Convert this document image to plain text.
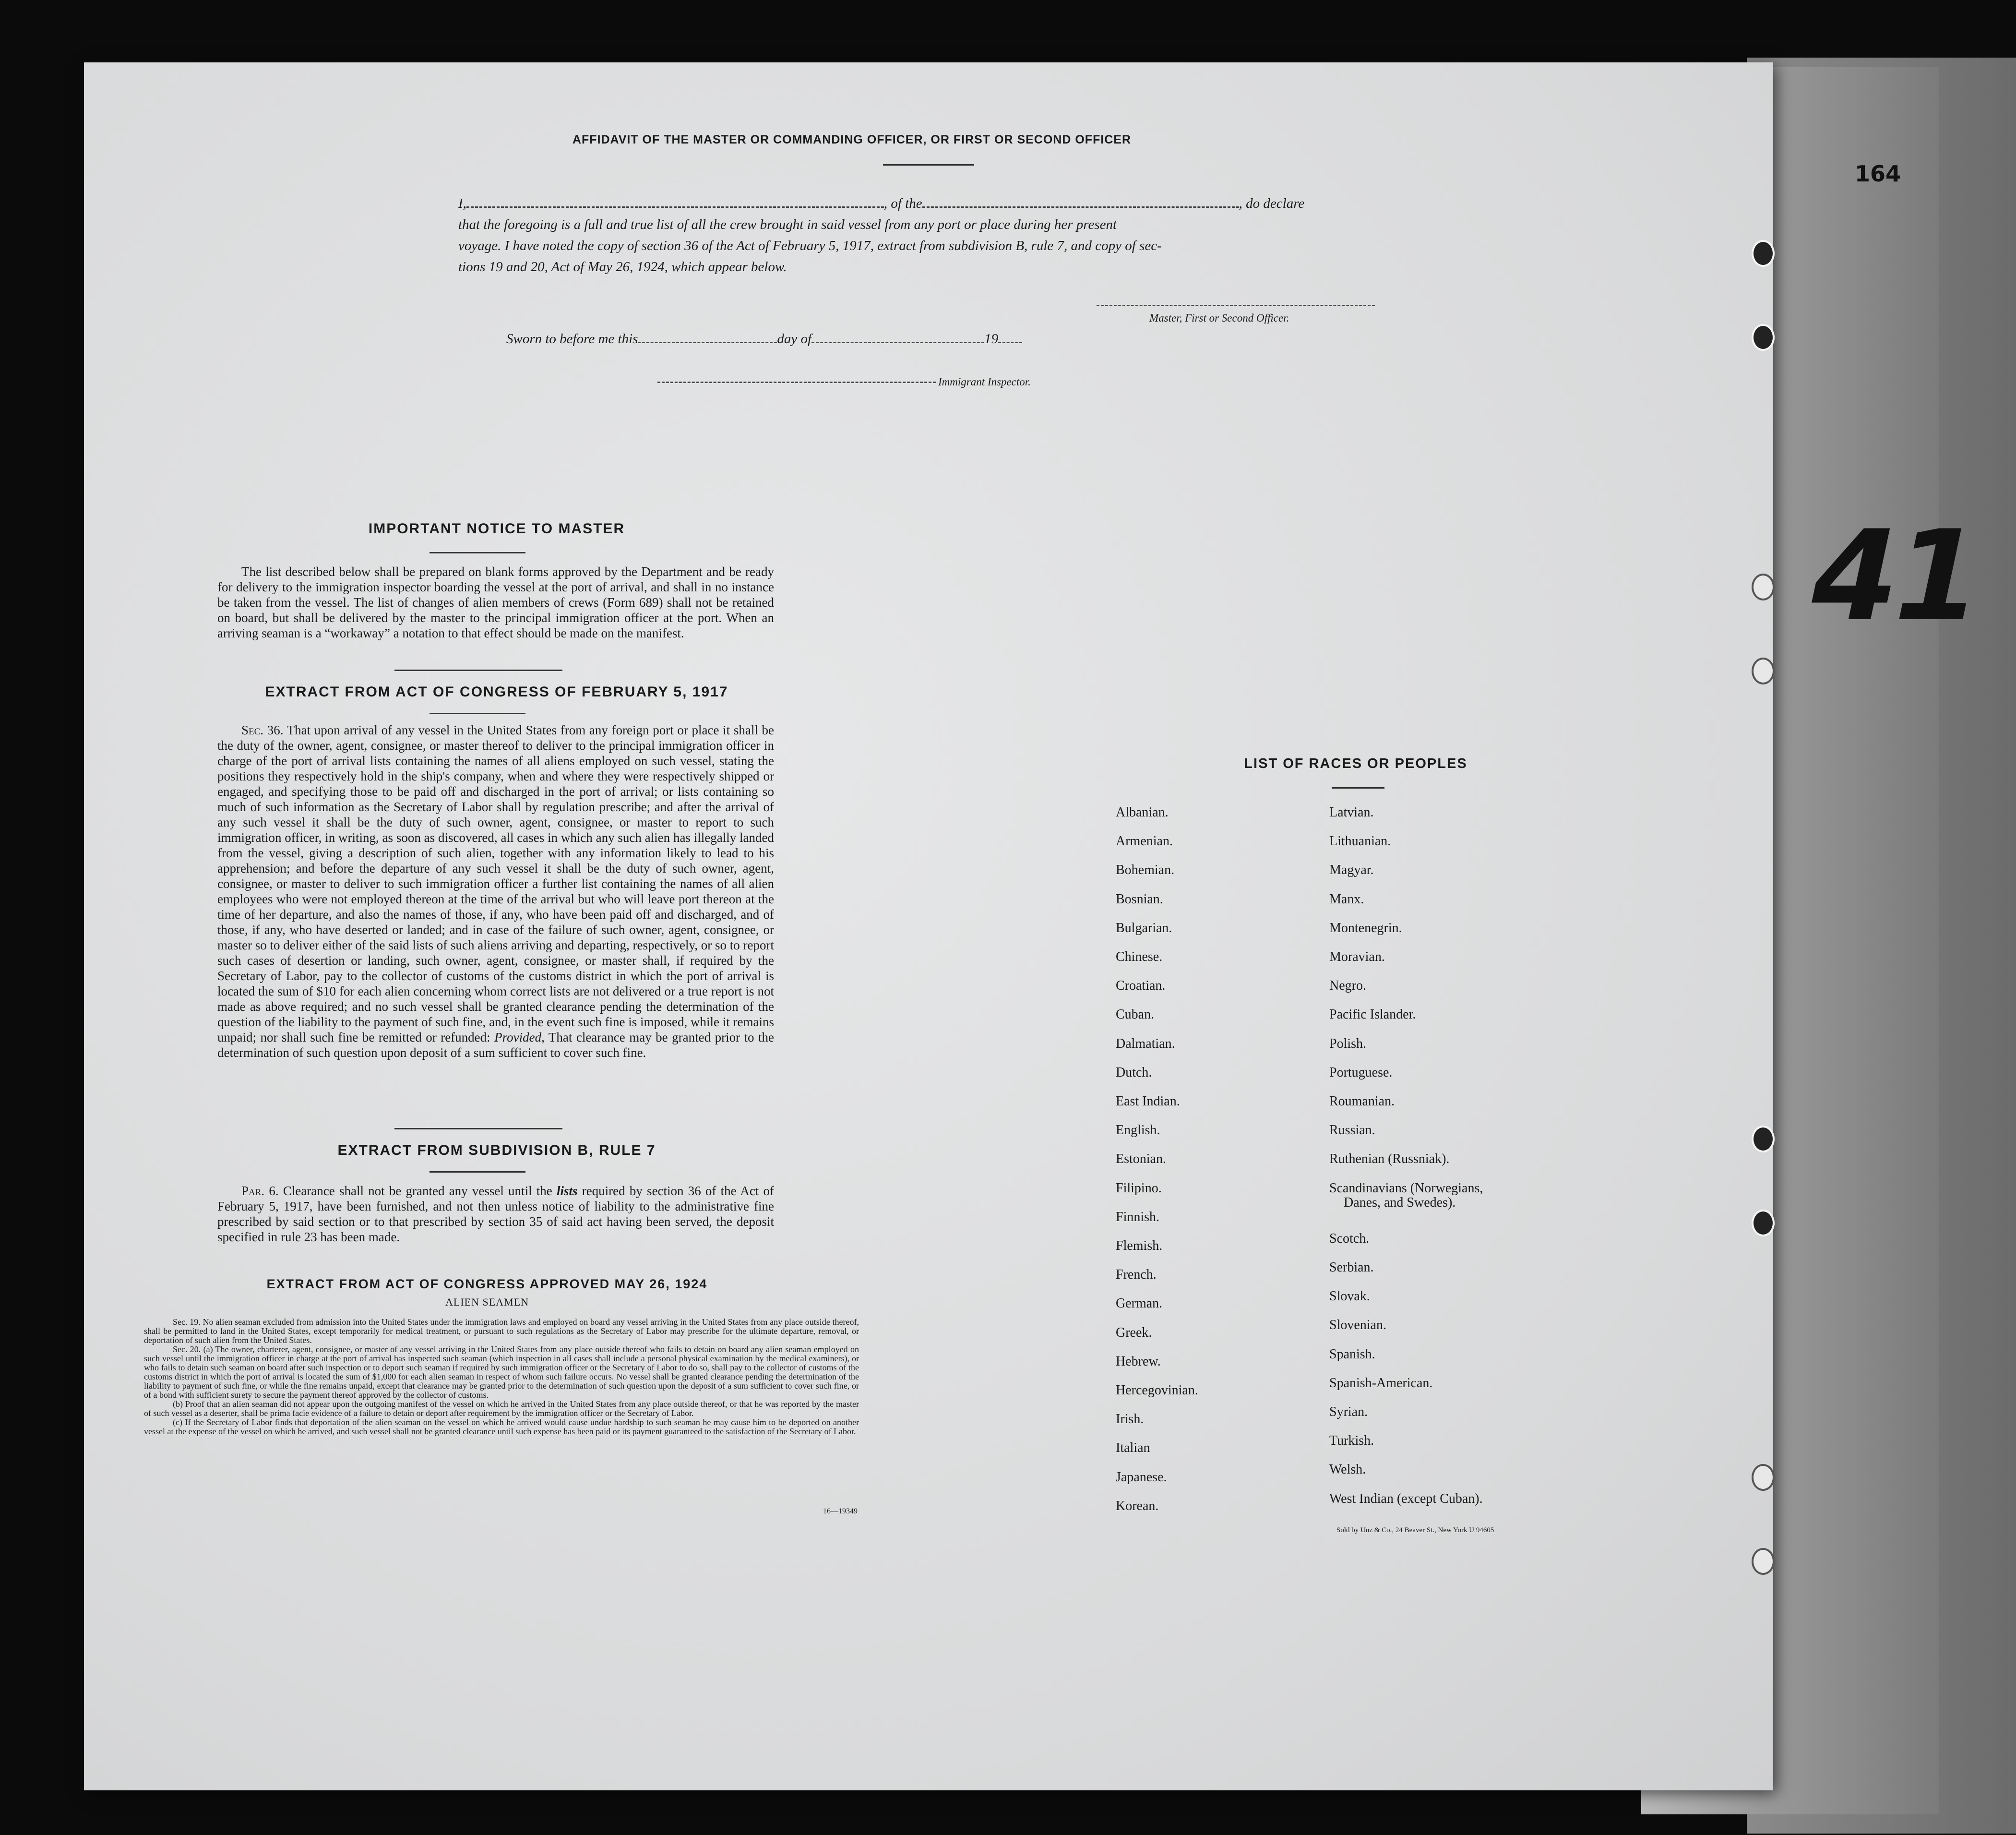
164
41
AFFIDAVIT OF THE MASTER OR COMMANDING OFFICER, OR FIRST OR SECOND OFFICER
I,	, of the	, do declare
that the foregoing is a full and true list of all the crew brought in said vessel from any port or place during her present
voyage. I have noted the copy of section 36 of the Act of February 5, 1917, extract from subdivision B, rule 7, and copy of sec-
tions 19 and 20, Act of May 26, 1924, which appear below.
Master, First or Second Officer.
Sworn to before me this	day of	19
Immigrant Inspector.
IMPORTANT NOTICE TO MASTER
The list described below shall be prepared on blank forms approved by the Department and be ready for delivery to the immigration inspector boarding the vessel at the port of arrival, and shall in no instance be taken from the vessel. The list of changes of alien members of crews (Form 689) shall not be retained on board, but shall be delivered by the master to the principal immigration officer at the port. When an arriving seaman is a “workaway” a notation to that effect should be made on the manifest.
EXTRACT FROM ACT OF CONGRESS OF FEBRUARY 5, 1917
Sec. 36. That upon arrival of any vessel in the United States from any foreign port or place it shall be the duty of the owner, agent, consignee, or master thereof to deliver to the principal immigration officer in charge of the port of arrival lists containing the names of all aliens employed on such vessel, stating the positions they respectively hold in the ship's company, when and where they were respectively shipped or engaged, and specifying those to be paid off and discharged in the port of arrival; or lists containing so much of such information as the Secretary of Labor shall by regulation prescribe; and after the arrival of any such vessel it shall be the duty of such owner, agent, consignee, or master to report to such immigration officer, in writing, as soon as discovered, all cases in which any such alien has illegally landed from the vessel, giving a description of such alien, together with any information likely to lead to his apprehension; and before the departure of any such vessel it shall be the duty of such owner, agent, consignee, or master to deliver to such immigration officer a further list containing the names of all alien employees who were not employed thereon at the time of the arrival but who will leave port thereon at the time of her departure, and also the names of those, if any, who have been paid off and discharged, and of those, if any, who have deserted or landed; and in case of the failure of such owner, agent, consignee, or master so to deliver either of the said lists of such aliens arriving and departing, respectively, or so to report such cases of desertion or landing, such owner, agent, consignee, or master shall, if required by the Secretary of Labor, pay to the collector of customs of the customs district in which the port of arrival is located the sum of $10 for each alien concerning whom correct lists are not delivered or a true report is not made as above required; and no such vessel shall be granted clearance pending the determination of the question of the liability to the payment of such fine, and, in the event such fine is imposed, while it remains unpaid; nor shall such fine be remitted or refunded: Provided, That clearance may be granted prior to the determination of such question upon deposit of a sum sufficient to cover such fine.
EXTRACT FROM SUBDIVISION B, RULE 7
Par. 6. Clearance shall not be granted any vessel until the lists required by section 36 of the Act of February 5, 1917, have been furnished, and not then unless notice of liability to the administrative fine prescribed by said section or to that prescribed by section 35 of said act having been served, the deposit specified in rule 23 has been made.
EXTRACT FROM ACT OF CONGRESS APPROVED MAY 26, 1924
ALIEN SEAMEN
Sec. 19. No alien seaman excluded from admission into the United States under the immigration laws and employed on board any vessel arriving in the United States from any place outside thereof, shall be permitted to land in the United States, except temporarily for medical treatment, or pursuant to such regulations as the Secretary of Labor may prescribe for the ultimate departure, removal, or deportation of such alien from the United States.
Sec. 20. (a) The owner, charterer, agent, consignee, or master of any vessel arriving in the United States from any place outside thereof who fails to detain on board any alien seaman employed on such vessel until the immigration officer in charge at the port of arrival has inspected such seaman (which inspection in all cases shall include a personal physical examination by the medical examiners), or who fails to detain such seaman on board after such inspection or to deport such seaman if required by such immigration officer or the Secretary of Labor to do so, shall pay to the collector of customs of the customs district in which the port of arrival is located the sum of $1,000 for each alien seaman in respect of whom such failure occurs. No vessel shall be granted clearance pending the determination of the liability to payment of such fine, or while the fine remains unpaid, except that clearance may be granted prior to the determination of such question upon the deposit of a sum sufficient to cover such fine, or of a bond with sufficient surety to secure the payment thereof approved by the collector of customs.
(b) Proof that an alien seaman did not appear upon the outgoing manifest of the vessel on which he arrived in the United States from any place outside thereof, or that he was reported by the master of such vessel as a deserter, shall be prima facie evidence of a failure to detain or deport after requirement by the immigration officer or the Secretary of Labor.
(c) If the Secretary of Labor finds that deportation of the alien seaman on the vessel on which he arrived would cause undue hardship to such seaman he may cause him to be deported on another vessel at the expense of the vessel on which he arrived, and such vessel shall not be granted clearance until such expense has been paid or its payment guaranteed to the satisfaction of the Secretary of Labor.
16—19349
LIST OF RACES OR PEOPLES
Albanian.
Armenian.
Bohemian.
Bosnian.
Bulgarian.
Chinese.
Croatian.
Cuban.
Dalmatian.
Dutch.
East Indian.
English.
Estonian.
Filipino.
Finnish.
Flemish.
French.
German.
Greek.
Hebrew.
Hercegovinian.
Irish.
Italian
Japanese.
Korean.
Latvian.
Lithuanian.
Magyar.
Manx.
Montenegrin.
Moravian.
Negro.
Pacific Islander.
Polish.
Portuguese.
Roumanian.
Russian.
Ruthenian (Russniak).
Scandinavians (Norwegians,
Danes, and Swedes).
Scotch.
Serbian.
Slovak.
Slovenian.
Spanish.
Spanish-American.
Syrian.
Turkish.
Welsh.
West Indian (except Cuban).
Sold by Unz & Co., 24 Beaver St., New York U 94605
